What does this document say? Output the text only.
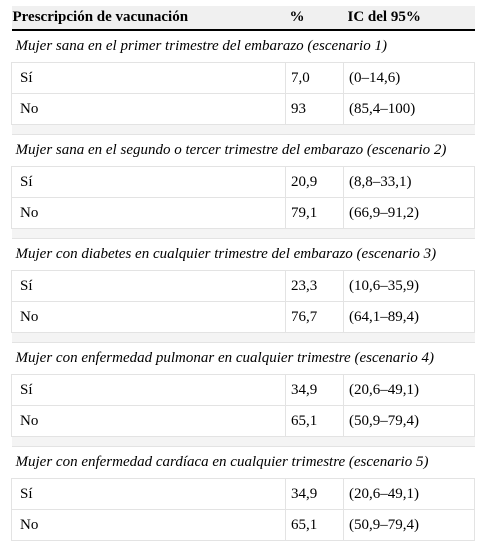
Prescripción de vacunación	%	IC del 95%
Mujer sana en el primer trimestre del embarazo (escenario 1)		
Sí	7,0	(0–14,6)
No	93	(85,4–100)

Mujer sana en el segundo o tercer trimestre del embarazo (escenario 2)		
Sí	20,9	(8,8–33,1)
No	79,1	(66,9–91,2)

Mujer con diabetes en cualquier trimestre del embarazo (escenario 3)		
Sí	23,3	(10,6–35,9)
No	76,7	(64,1–89,4)

Mujer con enfermedad pulmonar en cualquier trimestre (escenario 4)		
Sí	34,9	(20,6–49,1)
No	65,1	(50,9–79,4)

Mujer con enfermedad cardíaca en cualquier trimestre (escenario 5)		
Sí	34,9	(20,6–49,1)
No	65,1	(50,9–79,4)
